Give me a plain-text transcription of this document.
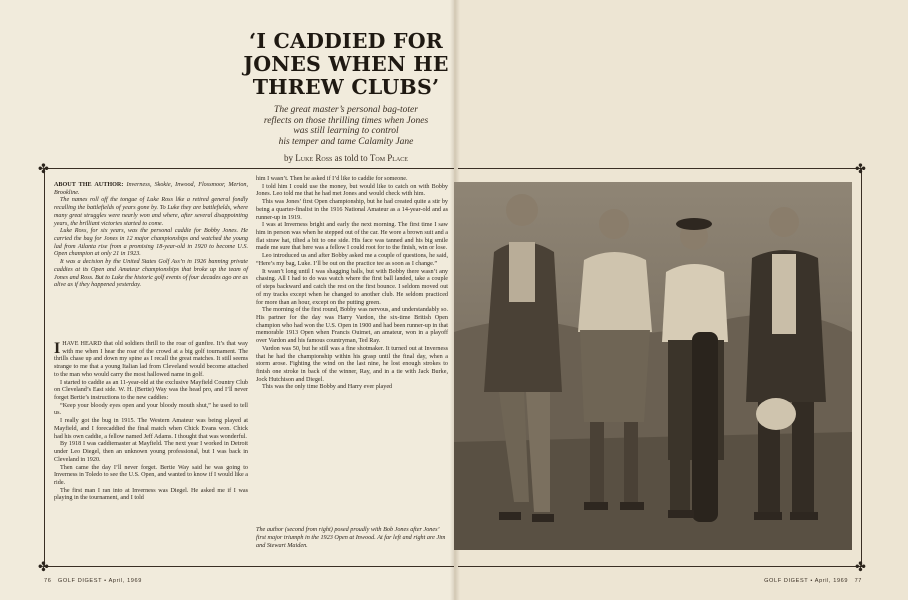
‘I CADDIED FOR
JONES WHEN HE
THREW CLUBS’
The great master’s personal bag-toter
reflects on those thrilling times when Jones
was still learning to control
his temper and tame Calamity Jane
by Luke Ross as told to Tom Place
✤	✤
✤	✤

ABOUT THE AUTHOR: Inverness, Skokie, Inwood, Flossmoor, Merion, Brookline.

The names roll off the tongue of Luke Ross like a retired general fondly recalling the battlefields of years gone by. To Luke they are battlefields, where many great struggles were nearly won and where, after several disappointing years, the brilliant victories started to come.

Luke Ross, for six years, was the personal caddie for Bobby Jones. He carried the bag for Jones in 12 major championships and watched the young lad from Atlanta rise from a promising 18-year-old in 1920 to become U.S. Open champion at only 21 in 1923.

It was a decision by the United States Golf Ass’n in 1926 banning private caddies at its Open and Amateur championships that broke up the team of Jones and Ross. But to Luke the historic golf events of four decades ago are as alive as if they happened yesterday.

IHAVE HEARD that old soldiers thrill to the roar of gunfire. It’s that way with me when I hear the roar of the crowd at a big golf tournament. The thrills chase up and down my spine as I recall the great matches. It still seems strange to me that a young Italian lad from Cleveland would become attached to the man who would carry the most hallowed name in golf.

I started to caddie as an 11-year-old at the exclusive Mayfield Country Club on Cleveland’s East side. W. H. (Bertie) Way was the head pro, and I’ll never forget Bertie’s instructions to the new caddies:

“Keep your bloody eyes open and your bloody mouth shut,” he used to tell us.

I really got the bug in 1915. The Western Amateur was being played at Mayfield, and I forecaddied the final match when Chick Evans won. Chick had his own caddie, a fellow named Jeff Adams. I thought that was wonderful.

By 1918 I was caddiemaster at Mayfield. The next year I worked in Detroit under Leo Diegel, then an unknown young professional, but I was back in Cleveland in 1920.

Then came the day I’ll never forget. Bertie Way said he was going to Inverness in Toledo to see the U.S. Open, and wanted to know if I would like a ride.

The first man I ran into at Inverness was Diegel. He asked me if I was playing in the tournament, and I told

him I wasn’t. Then he asked if I’d like to caddie for someone.

I told him I could use the money, but would like to catch on with Bobby Jones. Leo told me that he had met Jones and would check with him.

This was Jones’ first Open championship, but he had created quite a stir by being a quarter-finalist in the 1916 National Amateur as a 14-year-old and as runner-up in 1919.

I was at Inverness bright and early the next morning. The first time I saw him in person was when he stepped out of the car. He wore a brown suit and a flat straw hat, tilted a bit to one side. His face was tanned and his big smile made me sure that here was a fellow I could root for to the finish, win or lose.

Leo introduced us and after Bobby asked me a couple of questions, he said, “Here’s my bag, Luke. I’ll be out on the practice tee as soon as I change.”

It wasn’t long until I was shagging balls, but with Bobby there wasn’t any chasing. All I had to do was watch where the first ball landed, take a couple of steps backward and catch the rest on the first bounce. I seldom moved out of my tracks except when he changed to another club. He seldom practiced for more than an hour, except on the putting green.

The morning of the first round, Bobby was nervous, and understandably so. His partner for the day was Harry Vardon, the six-time British Open champion who had won the U.S. Open in 1900 and had been runner-up in that memorable 1913 Open when Francis Ouimet, an amateur, won in a playoff over Vardon and his famous countryman, Ted Ray.

Vardon was 50, but he still was a fine shotmaker. It turned out at Inverness that he had the championship within his grasp until the final day, when a storm arose. Fighting the wind on the last nine, he lost enough strokes to finish one stroke in back of the winner, Ray, and in a tie with Jack Burke, Jock Hutchison and Diegel.

This was the only time Bobby and Harry ever played

The author (second from right) posed proudly with Bob Jones after Jones’ first major triumph in the 1923 Open at Inwood. At far left and right are Jim and Stewart Maiden.
76 GOLF DIGEST • April, 1969	GOLF DIGEST • April, 1969 77
